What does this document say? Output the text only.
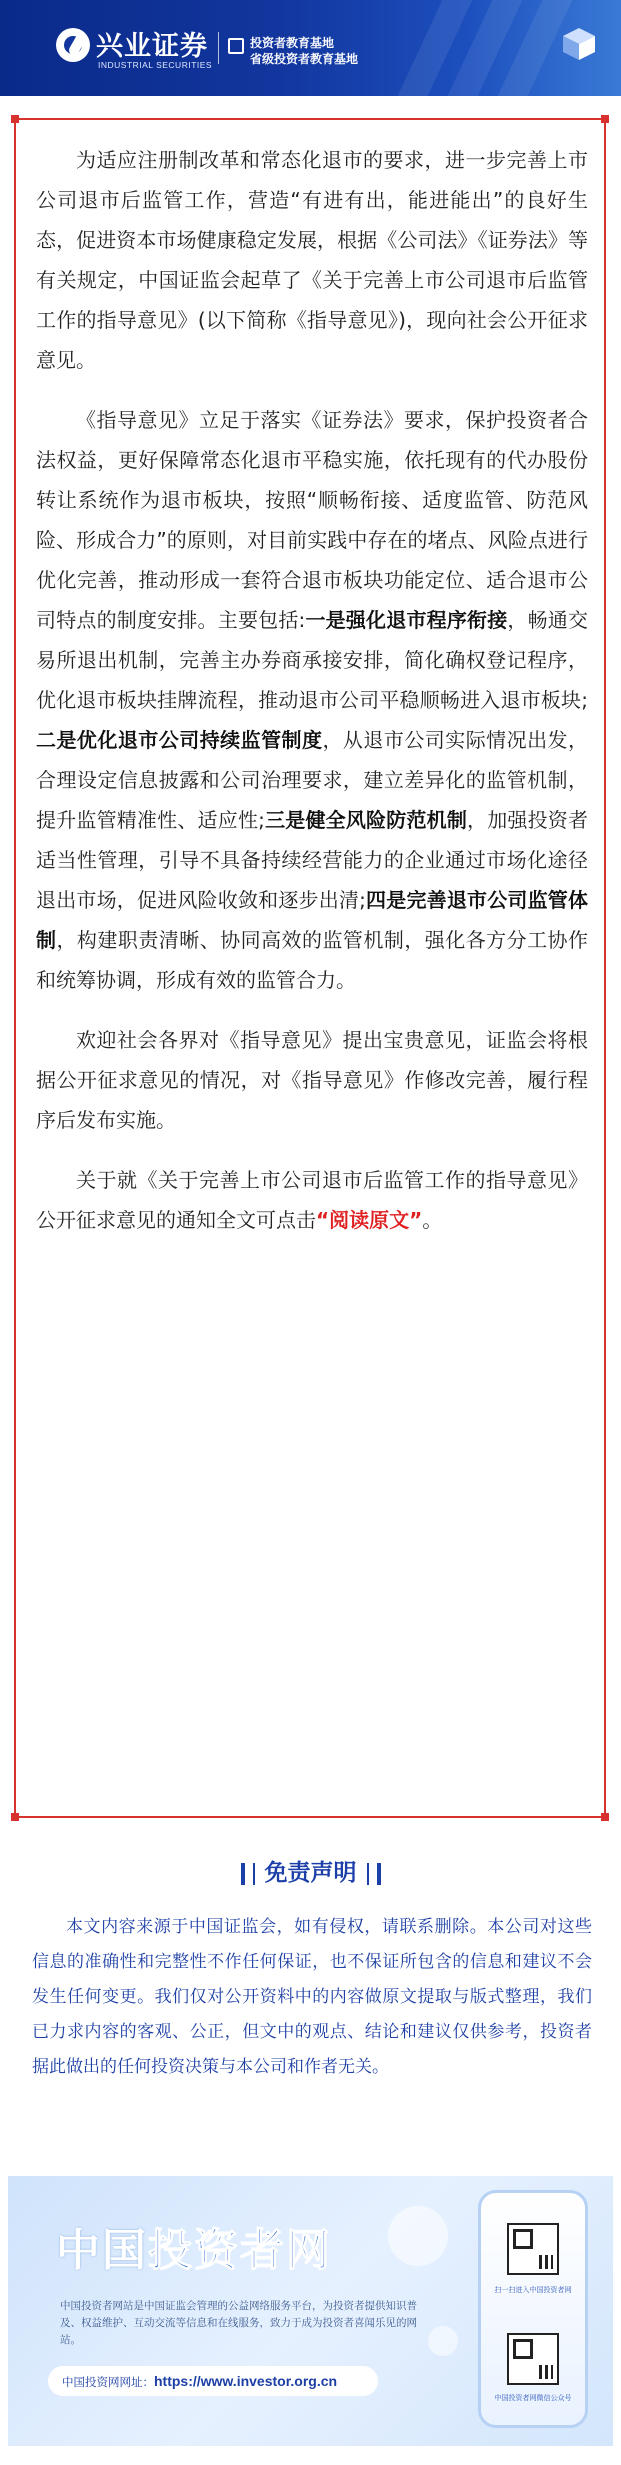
兴业证券
INDUSTRIAL SECURITIES
投资者教育基地
省级投资者教育基地

为适应注册制改革和常态化退市的要求，进一步完善上市公司退市后监管工作，营造“有进有出，能进能出”的良好生态，促进资本市场健康稳定发展，根据《公司法》《证券法》等有关规定，中国证监会起草了《关于完善上市公司退市后监管工作的指导意见》(以下简称《指导意见》)，现向社会公开征求意见。

《指导意见》立足于落实《证券法》要求，保护投资者合法权益，更好保障常态化退市平稳实施，依托现有的代办股份转让系统作为退市板块，按照“顺畅衔接、适度监管、防范风险、形成合力”的原则，对目前实践中存在的堵点、风险点进行优化完善，推动形成一套符合退市板块功能定位、适合退市公司特点的制度安排。主要包括:一是强化退市程序衔接，畅通交易所退出机制，完善主办券商承接安排，简化确权登记程序，优化退市板块挂牌流程，推动退市公司平稳顺畅进入退市板块;二是优化退市公司持续监管制度，从退市公司实际情况出发，合理设定信息披露和公司治理要求，建立差异化的监管机制，提升监管精准性、适应性;三是健全风险防范机制，加强投资者适当性管理，引导不具备持续经营能力的企业通过市场化途径退出市场，促进风险收敛和逐步出清;四是完善退市公司监管体制，构建职责清晰、协同高效的监管机制，强化各方分工协作和统筹协调，形成有效的监管合力。

欢迎社会各界对《指导意见》提出宝贵意见，证监会将根据公开征求意见的情况，对《指导意见》作修改完善，履行程序后发布实施。

关于就《关于完善上市公司退市后监管工作的指导意见》公开征求意见的通知全文可点击“阅读原文”。

免责声明
本文内容来源于中国证监会，如有侵权，请联系删除。本公司对这些信息的准确性和完整性不作任何保证，也不保证所包含的信息和建议不会发生任何变更。我们仅对公开资料中的内容做原文提取与版式整理，我们已力求内容的客观、公正，但文中的观点、结论和建议仅供参考，投资者据此做出的任何投资决策与本公司和作者无关。
中国投资者网
中国投资者网站是中国证监会管理的公益网络服务平台，为投资者提供知识普及、权益维护、互动交流等信息和在线服务，致力于成为投资者喜闻乐见的网站。
中国投资网网址：https://www.investor.org.cn
扫一扫进入中国投资者网
中国投资者网微信公众号
